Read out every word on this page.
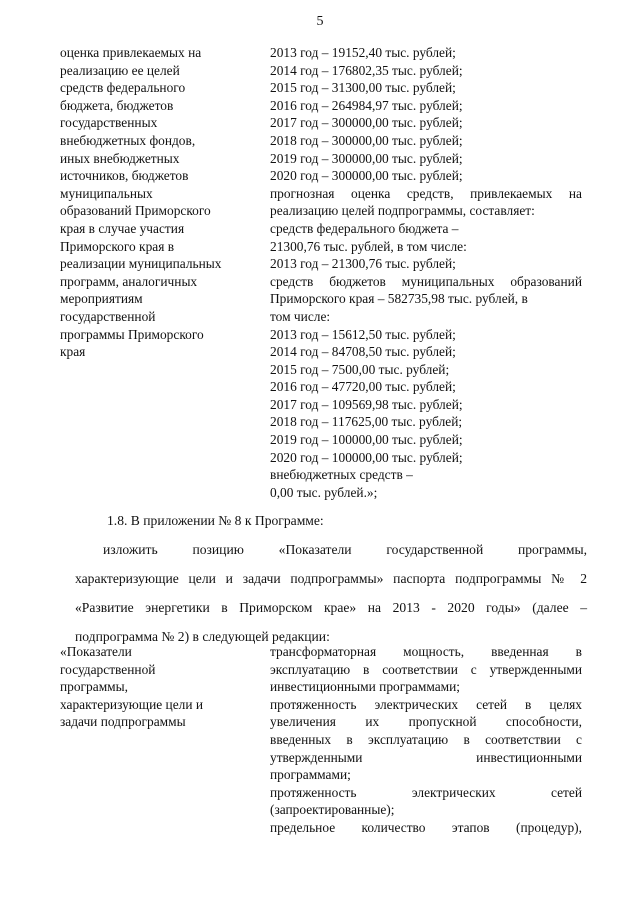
5
оценка привлекаемых на
реализацию ее целей
средств федерального
бюджета, бюджетов
государственных
внебюджетных фондов,
иных внебюджетных
источников, бюджетов
муниципальных
образований Приморского
края в случае участия
Приморского края в
реализации муниципальных
программ, аналогичных
мероприятиям
государственной
программы Приморского
края
2013 год – 19152,40 тыс. рублей;
2014 год – 176802,35 тыс. рублей;
2015 год – 31300,00 тыс. рублей;
2016 год – 264984,97 тыс. рублей;
2017 год – 300000,00 тыс. рублей;
2018 год – 300000,00 тыс. рублей;
2019 год – 300000,00 тыс. рублей;
2020 год – 300000,00 тыс. рублей;
прогнозная оценка средств, привлекаемых на
реализацию целей подпрограммы, составляет:
средств федерального бюджета –
21300,76 тыс. рублей, в том числе:
2013 год – 21300,76 тыс. рублей;
средств бюджетов муниципальных образований
Приморского края – 582735,98 тыс. рублей, в
том числе:
2013 год – 15612,50 тыс. рублей;
2014 год – 84708,50 тыс. рублей;
2015 год – 7500,00 тыс. рублей;
2016 год – 47720,00 тыс. рублей;
2017 год – 109569,98 тыс. рублей;
2018 год – 117625,00 тыс. рублей;
2019 год – 100000,00 тыс. рублей;
2020 год – 100000,00 тыс. рублей;
внебюджетных средств –
0,00 тыс. рублей.»;
1.8. В приложении № 8 к Программе:
изложить позицию «Показатели государственной программы,
характеризующие цели и задачи подпрограммы» паспорта подпрограммы № 2
«Развитие энергетики в Приморском крае» на 2013 - 2020 годы» (далее –
подпрограмма № 2) в следующей редакции:
«Показатели
государственной
программы,
характеризующие цели и
задачи подпрограммы
трансформаторная мощность, введенная в
эксплуатацию в соответствии с утвержденными
инвестиционными программами;
протяженность электрических сетей в целях
увеличения их пропускной способности,
введенных в эксплуатацию в соответствии с
утвержденными инвестиционными
программами;
протяженность электрических сетей
(запроектированные);
предельное количество этапов (процедур),
